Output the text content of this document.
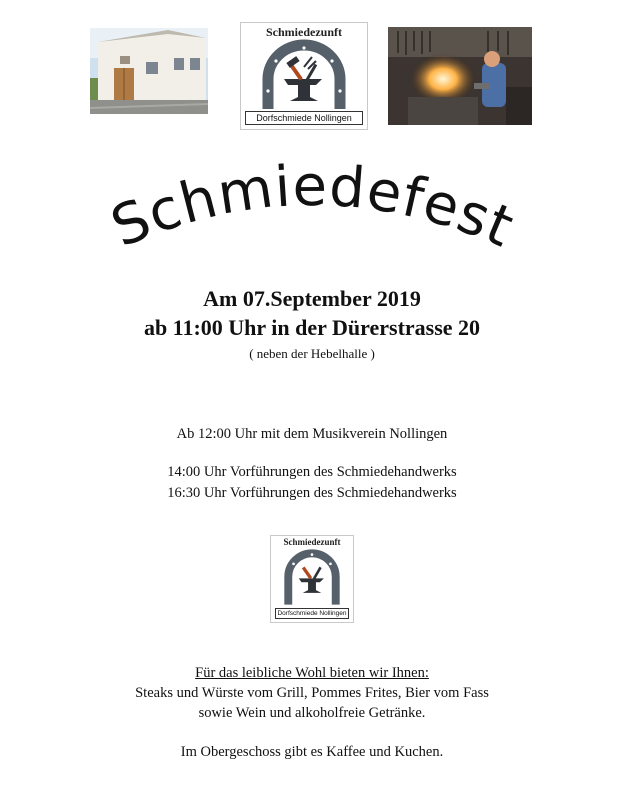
Schmiedezunft
Dorfschmiede Nollingen
Schmiedefest
Am 07.September 2019
ab 11:00 Uhr in der Dürerstrasse 20
( neben der Hebelhalle )
Ab 12:00 Uhr mit dem Musikverein Nollingen
14:00 Uhr Vorführungen des Schmiedehandwerks
16:30 Uhr Vorführungen des Schmiedehandwerks
Schmiedezunft
Dorfschmiede Nollingen
Für das leibliche Wohl bieten wir Ihnen:
Steaks und Würste vom Grill, Pommes Frites, Bier vom Fass
sowie Wein und alkoholfreie Getränke.
Im Obergeschoss gibt es Kaffee und Kuchen.
